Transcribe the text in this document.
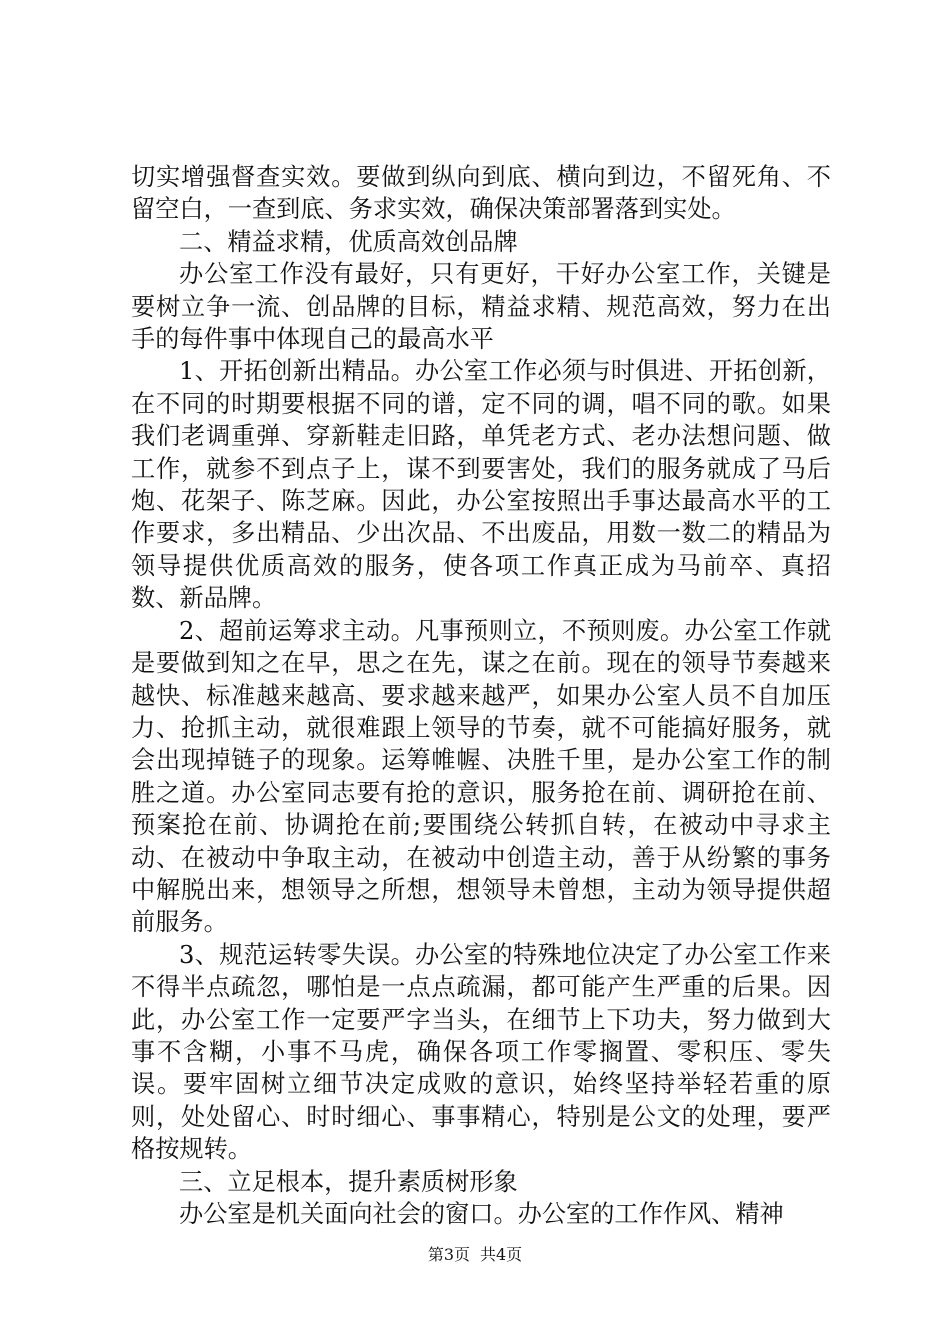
切实增强督查实效。要做到纵向到底、横向到边，不留死角、不留空白，一查到底、务求实效，确保决策部署落到实处。

二、精益求精，优质高效创品牌

办公室工作没有最好，只有更好，干好办公室工作，关键是要树立争一流、创品牌的目标，精益求精、规范高效，努力在出手的每件事中体现自己的最高水平

1、开拓创新出精品。办公室工作必须与时俱进、开拓创新，在不同的时期要根据不同的谱，定不同的调，唱不同的歌。如果我们老调重弹、穿新鞋走旧路，单凭老方式、老办法想问题、做工作，就参不到点子上，谋不到要害处，我们的服务就成了马后炮、花架子、陈芝麻。因此，办公室按照出手事达最高水平的工作要求，多出精品、少出次品、不出废品，用数一数二的精品为领导提供优质高效的服务，使各项工作真正成为马前卒、真招数、新品牌。

2、超前运筹求主动。凡事预则立，不预则废。办公室工作就是要做到知之在早，思之在先，谋之在前。现在的领导节奏越来越快、标准越来越高、要求越来越严，如果办公室人员不自加压力、抢抓主动，就很难跟上领导的节奏，就不可能搞好服务，就会出现掉链子的现象。运筹帷幄、决胜千里，是办公室工作的制胜之道。办公室同志要有抢的意识，服务抢在前、调研抢在前、预案抢在前、协调抢在前;要围绕公转抓自转，在被动中寻求主动、在被动中争取主动，在被动中创造主动，善于从纷繁的事务中解脱出来，想领导之所想，想领导未曾想，主动为领导提供超前服务。

3、规范运转零失误。办公室的特殊地位决定了办公室工作来不得半点疏忽，哪怕是一点点疏漏，都可能产生严重的后果。因此，办公室工作一定要严字当头，在细节上下功夫，努力做到大事不含糊，小事不马虎，确保各项工作零搁置、零积压、零失误。要牢固树立细节决定成败的意识，始终坚持举轻若重的原则，处处留心、时时细心、事事精心，特别是公文的处理，要严格按规转。

三、立足根本，提升素质树形象

办公室是机关面向社会的窗口。办公室的工作作风、精神

第3页 共4页
